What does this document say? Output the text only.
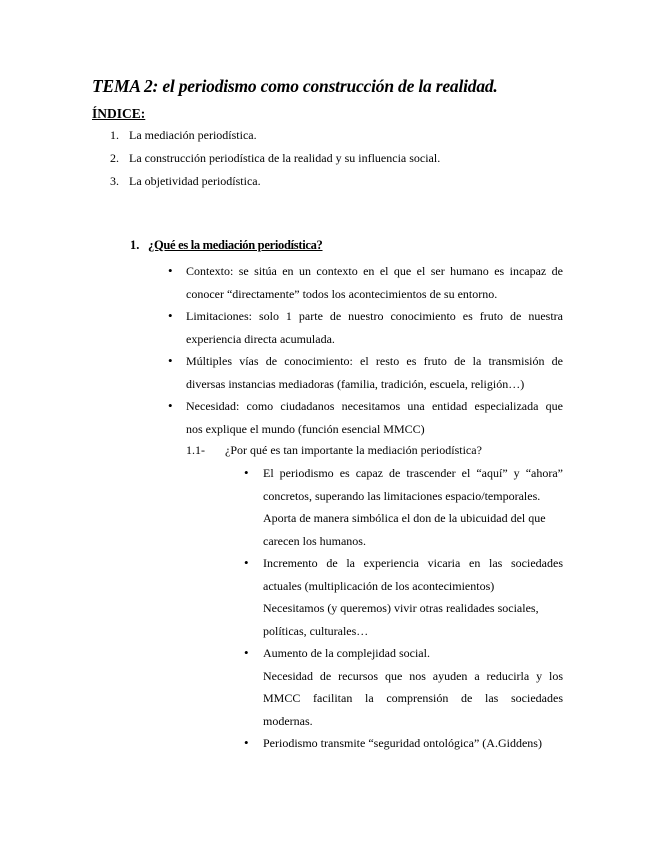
TEMA 2: el periodismo como construcción de la realidad.
ÍNDICE:
1. La mediación periodística.
2. La construcción periodística de la realidad y su influencia social.
3. La objetividad periodística.
1. ¿Qué es la mediación periodística?
• Contexto: se sitúa en un contexto en el que el ser humano es incapaz de
conocer “directamente” todos los acontecimientos de su entorno.
• Limitaciones: solo 1 parte de nuestro conocimiento es fruto de nuestra
experiencia directa acumulada.
• Múltiples vías de conocimiento: el resto es fruto de la transmisión de
diversas instancias mediadoras (familia, tradición, escuela, religión…)
• Necesidad: como ciudadanos necesitamos una entidad especializada que
nos explique el mundo (función esencial MMCC)
1.1- ¿Por qué es tan importante la mediación periodística?
• El periodismo es capaz de trascender el “aquí” y “ahora”
concretos, superando las limitaciones espacio/temporales.
Aporta de manera simbólica el don de la ubicuidad del que
carecen los humanos.
• Incremento de la experiencia vicaria en las sociedades
actuales (multiplicación de los acontecimientos)
Necesitamos (y queremos) vivir otras realidades sociales,
políticas, culturales…
• Aumento de la complejidad social.
Necesidad de recursos que nos ayuden a reducirla y los
MMCC facilitan la comprensión de las sociedades
modernas.
• Periodismo transmite “seguridad ontológica” (A.Giddens)
